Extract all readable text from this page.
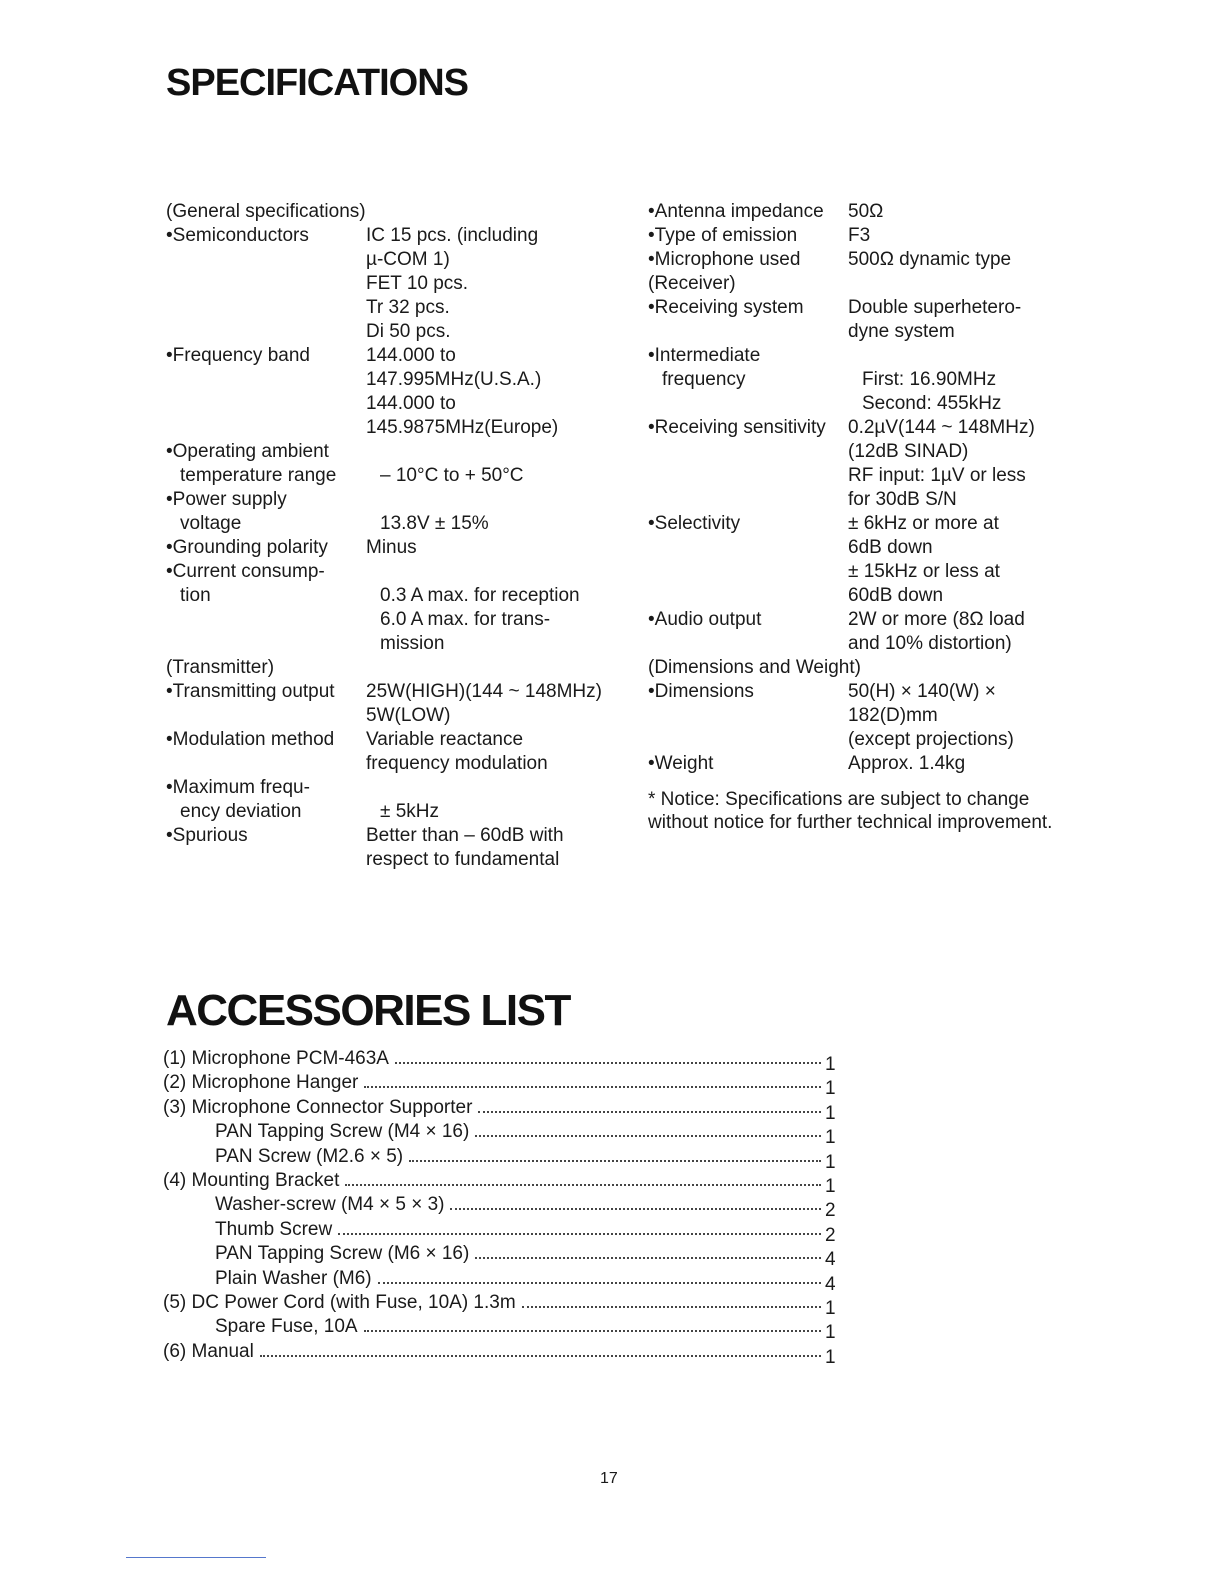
SPECIFICATIONS
(General specifications)
•Semiconductors	IC 15 pcs. (including
µ-COM 1)
FET 10 pcs.
Tr 32 pcs.
Di 50 pcs.
•Frequency band	144.000 to
147.995MHz(U.S.A.)
144.000 to
145.9875MHz(Europe)
•Operating ambient
temperature range	– 10°C to + 50°C
•Power supply
voltage	13.8V ± 15%
•Grounding polarity	Minus
•Current consump-
tion	0.3 A max. for reception
6.0 A max. for trans-
mission
(Transmitter)
•Transmitting output	25W(HIGH)(144 ~ 148MHz)
5W(LOW)
•Modulation method	Variable reactance
frequency modulation
•Maximum frequ-
ency deviation	± 5kHz
•Spurious	Better than – 60dB with
respect to fundamental
•Antenna impedance	50Ω
•Type of emission	F3
•Microphone used	500Ω dynamic type
(Receiver)
•Receiving system	Double superhetero-
dyne system
•Intermediate
frequency	First: 16.90MHz
Second: 455kHz
•Receiving sensitivity	0.2µV(144 ~ 148MHz)
(12dB SINAD)
RF input: 1µV or less
for 30dB S/N
•Selectivity	± 6kHz or more at
6dB down
± 15kHz or less at
60dB down
•Audio output	2W or more (8Ω load
and 10% distortion)
(Dimensions and Weight)
•Dimensions	50(H) × 140(W) ×
182(D)mm
(except projections)
•Weight	Approx. 1.4kg
* Notice: Specifications are subject to change without notice for further technical improvement.
ACCESSORIES LIST
(1) Microphone PCM-463A	1
(2) Microphone Hanger	1
(3) Microphone Connector Supporter	1
PAN Tapping Screw (M4 × 16)	1
PAN Screw (M2.6 × 5)	1
(4) Mounting Bracket	1
Washer-screw (M4 × 5 × 3)	2
Thumb Screw	2
PAN Tapping Screw (M6 × 16)	4
Plain Washer (M6)	4
(5) DC Power Cord (with Fuse, 10A) 1.3m	1
Spare Fuse, 10A	1
(6) Manual	1
17
